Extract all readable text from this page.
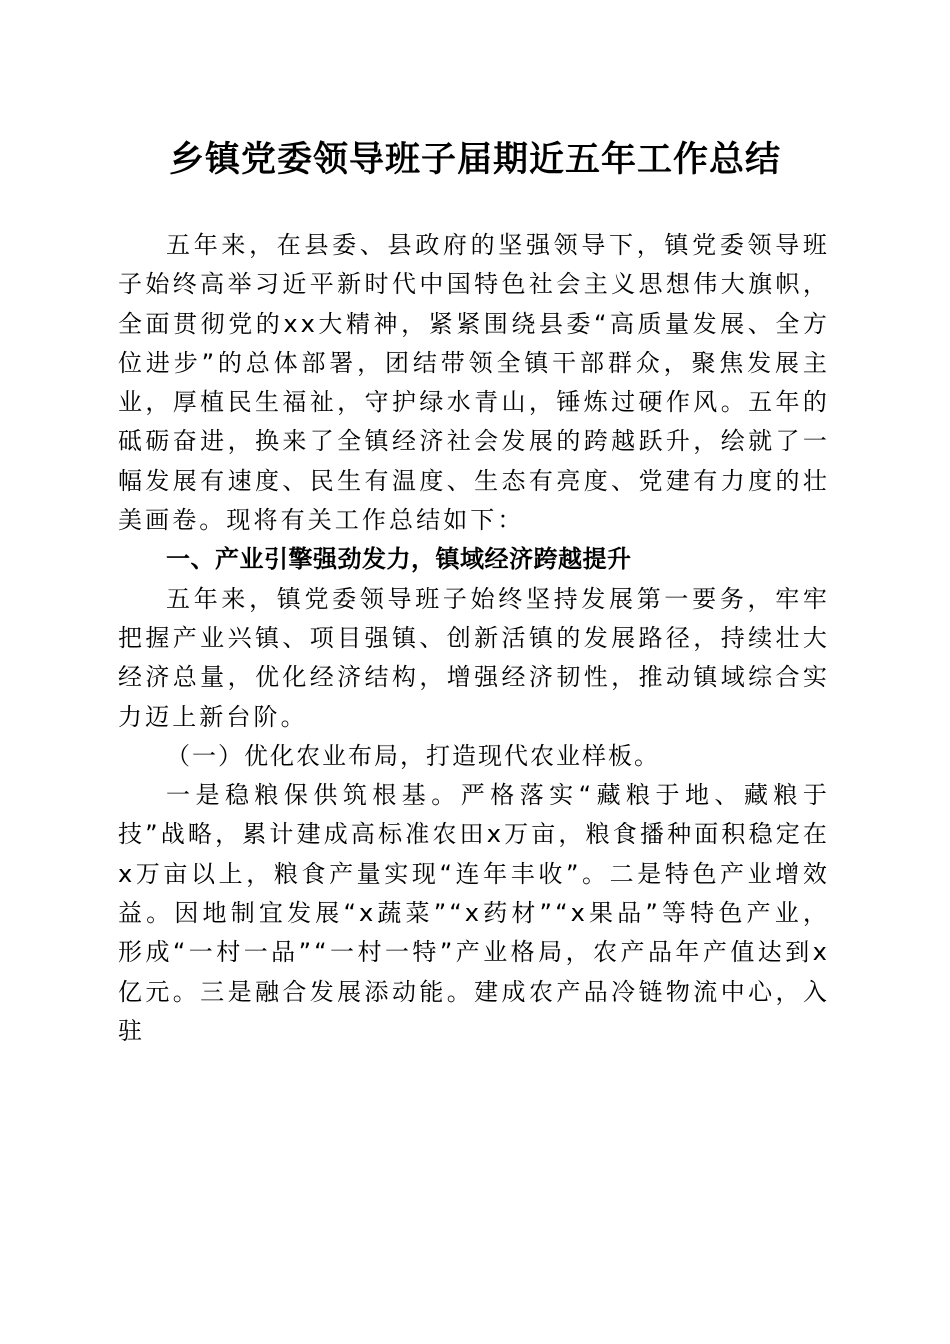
乡镇党委领导班子届期近五年工作总结

五年来，在县委、县政府的坚强领导下，镇党委领导班子始终高举习近平新时代中国特色社会主义思想伟大旗帜，全面贯彻党的xx大精神，紧紧围绕县委“高质量发展、全方位进步”的总体部署，团结带领全镇干部群众，聚焦发展主业，厚植民生福祉，守护绿水青山，锤炼过硬作风。五年的砥砺奋进，换来了全镇经济社会发展的跨越跃升，绘就了一幅发展有速度、民生有温度、生态有亮度、党建有力度的壮美画卷。现将有关工作总结如下：

一、产业引擎强劲发力，镇域经济跨越提升

五年来，镇党委领导班子始终坚持发展第一要务，牢牢把握产业兴镇、项目强镇、创新活镇的发展路径，持续壮大经济总量，优化经济结构，增强经济韧性，推动镇域综合实力迈上新台阶。

（一）优化农业布局，打造现代农业样板。

一是稳粮保供筑根基。严格落实“藏粮于地、藏粮于技”战略，累计建成高标准农田x万亩，粮食播种面积稳定在x万亩以上，粮食产量实现“连年丰收”。二是特色产业增效益。因地制宜发展“x蔬菜”“x药材”“x果品”等特色产业，形成“一村一品”“一村一特”产业格局，农产品年产值达到x亿元。三是融合发展添动能。建成农产品冷链物流中心，入驻
